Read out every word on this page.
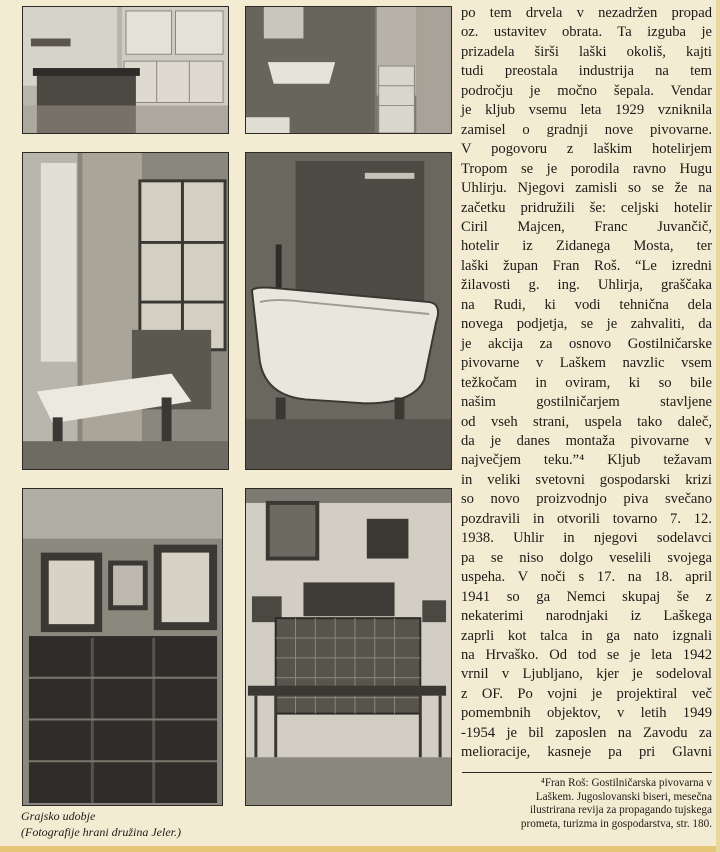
Grajsko udobje
(Fotografije hrani družina Jeler.)
po tem drvela v nezadržen propad
oz. ustavitev obrata. Ta izguba je
prizadela širši laški okoliš, kajti
tudi preostala industrija na tem
področju je močno šepala. Vendar
je kljub vsemu leta 1929 vzniknila
zamisel o gradnji nove pivovarne.
V pogovoru z laškim hotelirjem
Tropom se je porodila ravno Hugu
Uhlirju. Njegovi zamisli so se že na
začetku pridružili še: celjski hotelir
Ciril Majcen, Franc Juvančič,
hotelir iz Zidanega Mosta, ter
laški župan Fran Roš. “Le izredni
žilavosti g. ing. Uhlirja, graščaka
na Rudi, ki vodi tehnična dela
novega podjetja, se je zahvaliti, da
je akcija za osnovo Gostilničarske
pivovarne v Laškem navzlic vsem
težkočam in oviram, ki so bile
našim gostilničarjem stavljene
od vseh strani, uspela tako daleč,
da je danes montaža pivovarne v
največjem teku.”⁴ Kljub težavam
in veliki svetovni gospodarski krizi
so novo proizvodnjo piva svečano
pozdravili in otvorili tovarno 7. 12.
1938. Uhlir in njegovi sodelavci
pa se niso dolgo veselili svojega
uspeha. V noči s 17. na 18. april
1941 so ga Nemci skupaj še z
nekaterimi narodnjaki iz Laškega
zaprli kot talca in ga nato izgnali
na Hrvaško. Od tod se je leta 1942
vrnil v Ljubljano, kjer je sodeloval
z OF. Po vojni je projektiral več
pomembnih objektov, v letih 1949
-1954 je bil zaposlen na Zavodu za
melioracije, kasneje pa pri Glavni
⁴Fran Roš: Gostilničarska pivovarna v
Laškem. Jugoslovanski biseri, mesečna
ilustrirana revija za propagando tujskega
prometa, turizma in gospodarstva, str. 180.
